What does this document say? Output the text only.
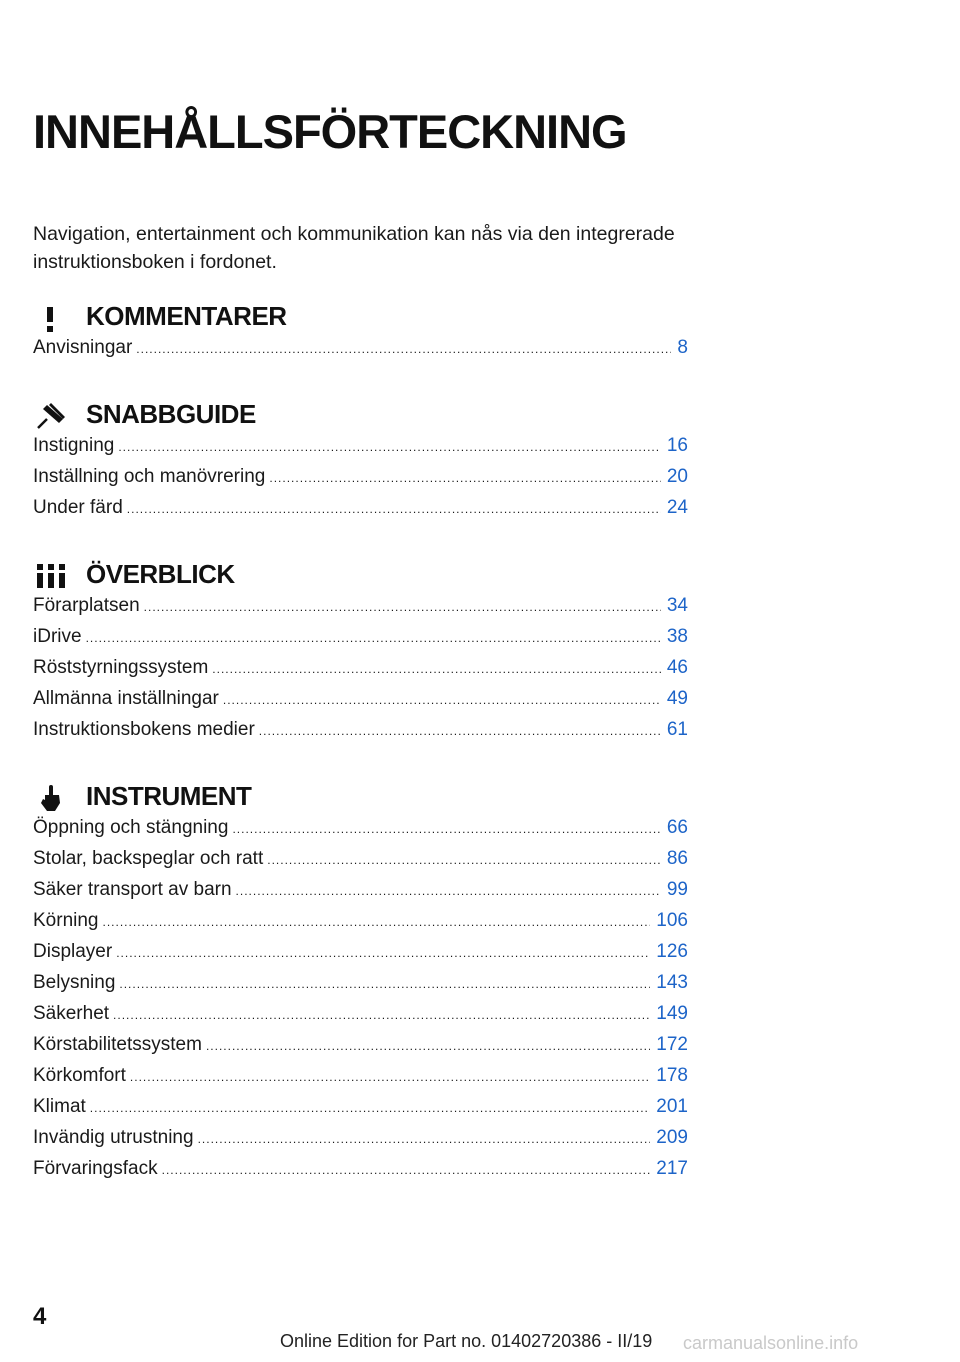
INNEHÅLLSFÖRTECKNING

Navigation, entertainment och kommunikation kan nås via den integrerade instruktionsboken i fordonet.

KOMMENTARER
Anvisningar .....	8
SNABBGUIDE
Instigning .....	16
Inställning och manövrering .....	20
Under färd .....	24
ÖVERBLICK
Förarplatsen .....	34
iDrive .....	38
Röststyrningssystem .....	46
Allmänna inställningar .....	49
Instruktionsbokens medier .....	61
INSTRUMENT
Öppning och stängning .....	66
Stolar, backspeglar och ratt .....	86
Säker transport av barn .....	99
Körning .....	106
Displayer .....	126
Belysning .....	143
Säkerhet .....	149
Körstabilitetssystem .....	172
Körkomfort .....	178
Klimat .....	201
Invändig utrustning .....	209
Förvaringsfack .....	217
4
Online Edition for Part no. 01402720386 - II/19 carmanualsonline.info
